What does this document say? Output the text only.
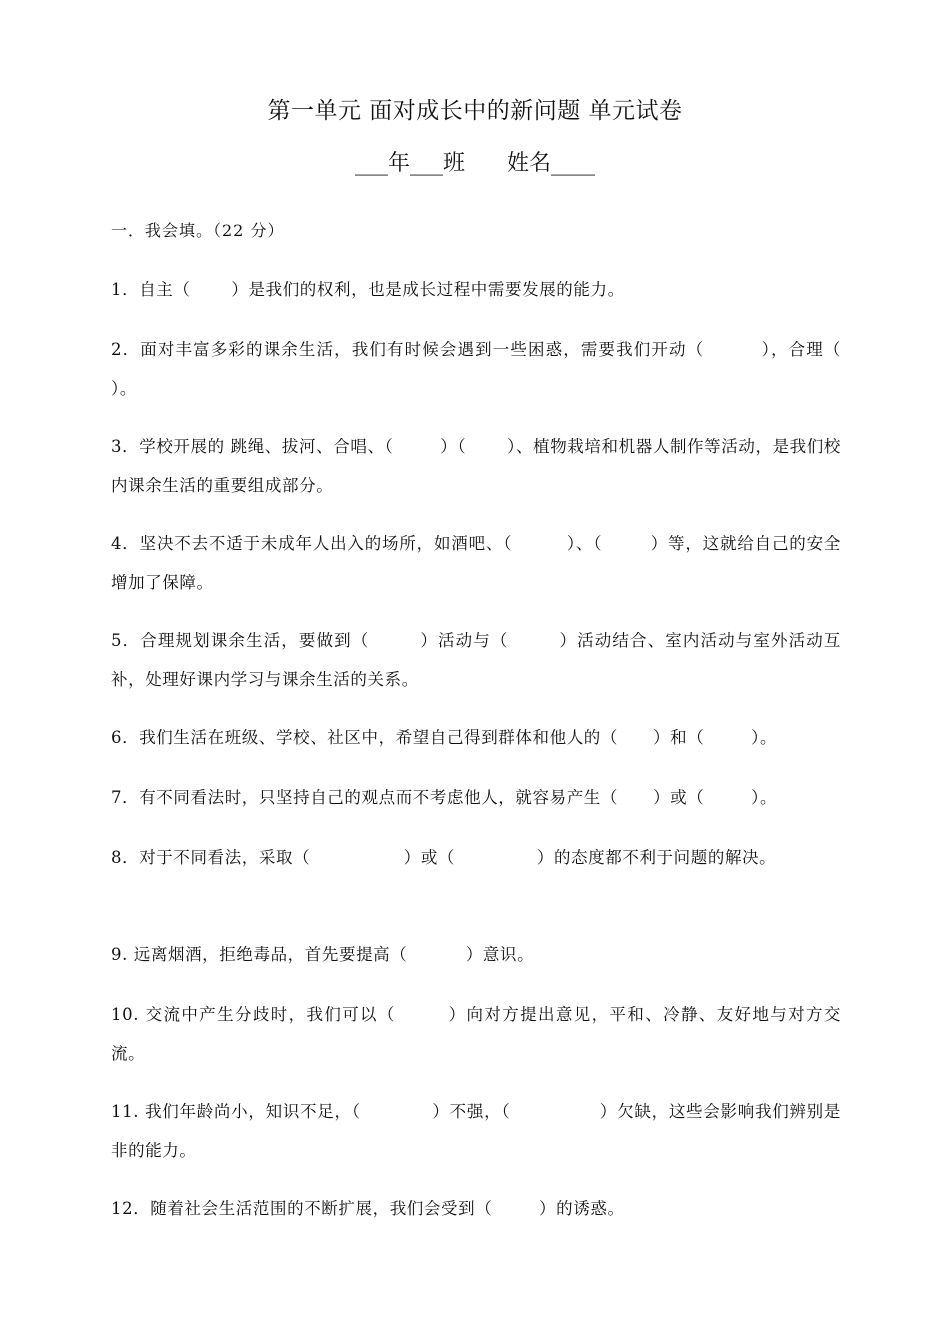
第一单元 面对成长中的新问题 单元试卷
___年___班      姓名____
一．我会填。（22 分）
1．自主（       ）是我们的权利，也是成长过程中需要发展的能力。
2．面对丰富多彩的课余生活，我们有时候会遇到一些困惑，需要我们开动（         ），合理（        ）。
3．学校开展的 跳绳、拔河、合唱、（        ）（       ）、植物栽培和机器人制作等活动，是我们校内课余生活的重要组成部分。
4．坚决不去不适于未成年人出入的场所，如酒吧、（         ）、（        ）等，这就给自己的安全增加了保障。
5．合理规划课余生活，要做到（        ）活动与（        ）活动结合、室内活动与室外活动互补，处理好课内学习与课余生活的关系。
6．我们生活在班级、学校、社区中，希望自己得到群体和他人的（      ）和（        ）。
7．有不同看法时，只坚持自己的观点而不考虑他人，就容易产生（      ）或（        ）。
8．对于不同看法，采取（                ）或（              ）的态度都不利于问题的解决。
9. 远离烟酒，拒绝毒品，首先要提高（          ）意识。
10. 交流中产生分歧时，我们可以（        ）向对方提出意见，平和、冷静、友好地与对方交流。
11. 我们年龄尚小，知识不足，（            ）不强，（               ）欠缺，这些会影响我们辨别是非的能力。
12．随着社会生活范围的不断扩展，我们会受到（        ）的诱惑。
